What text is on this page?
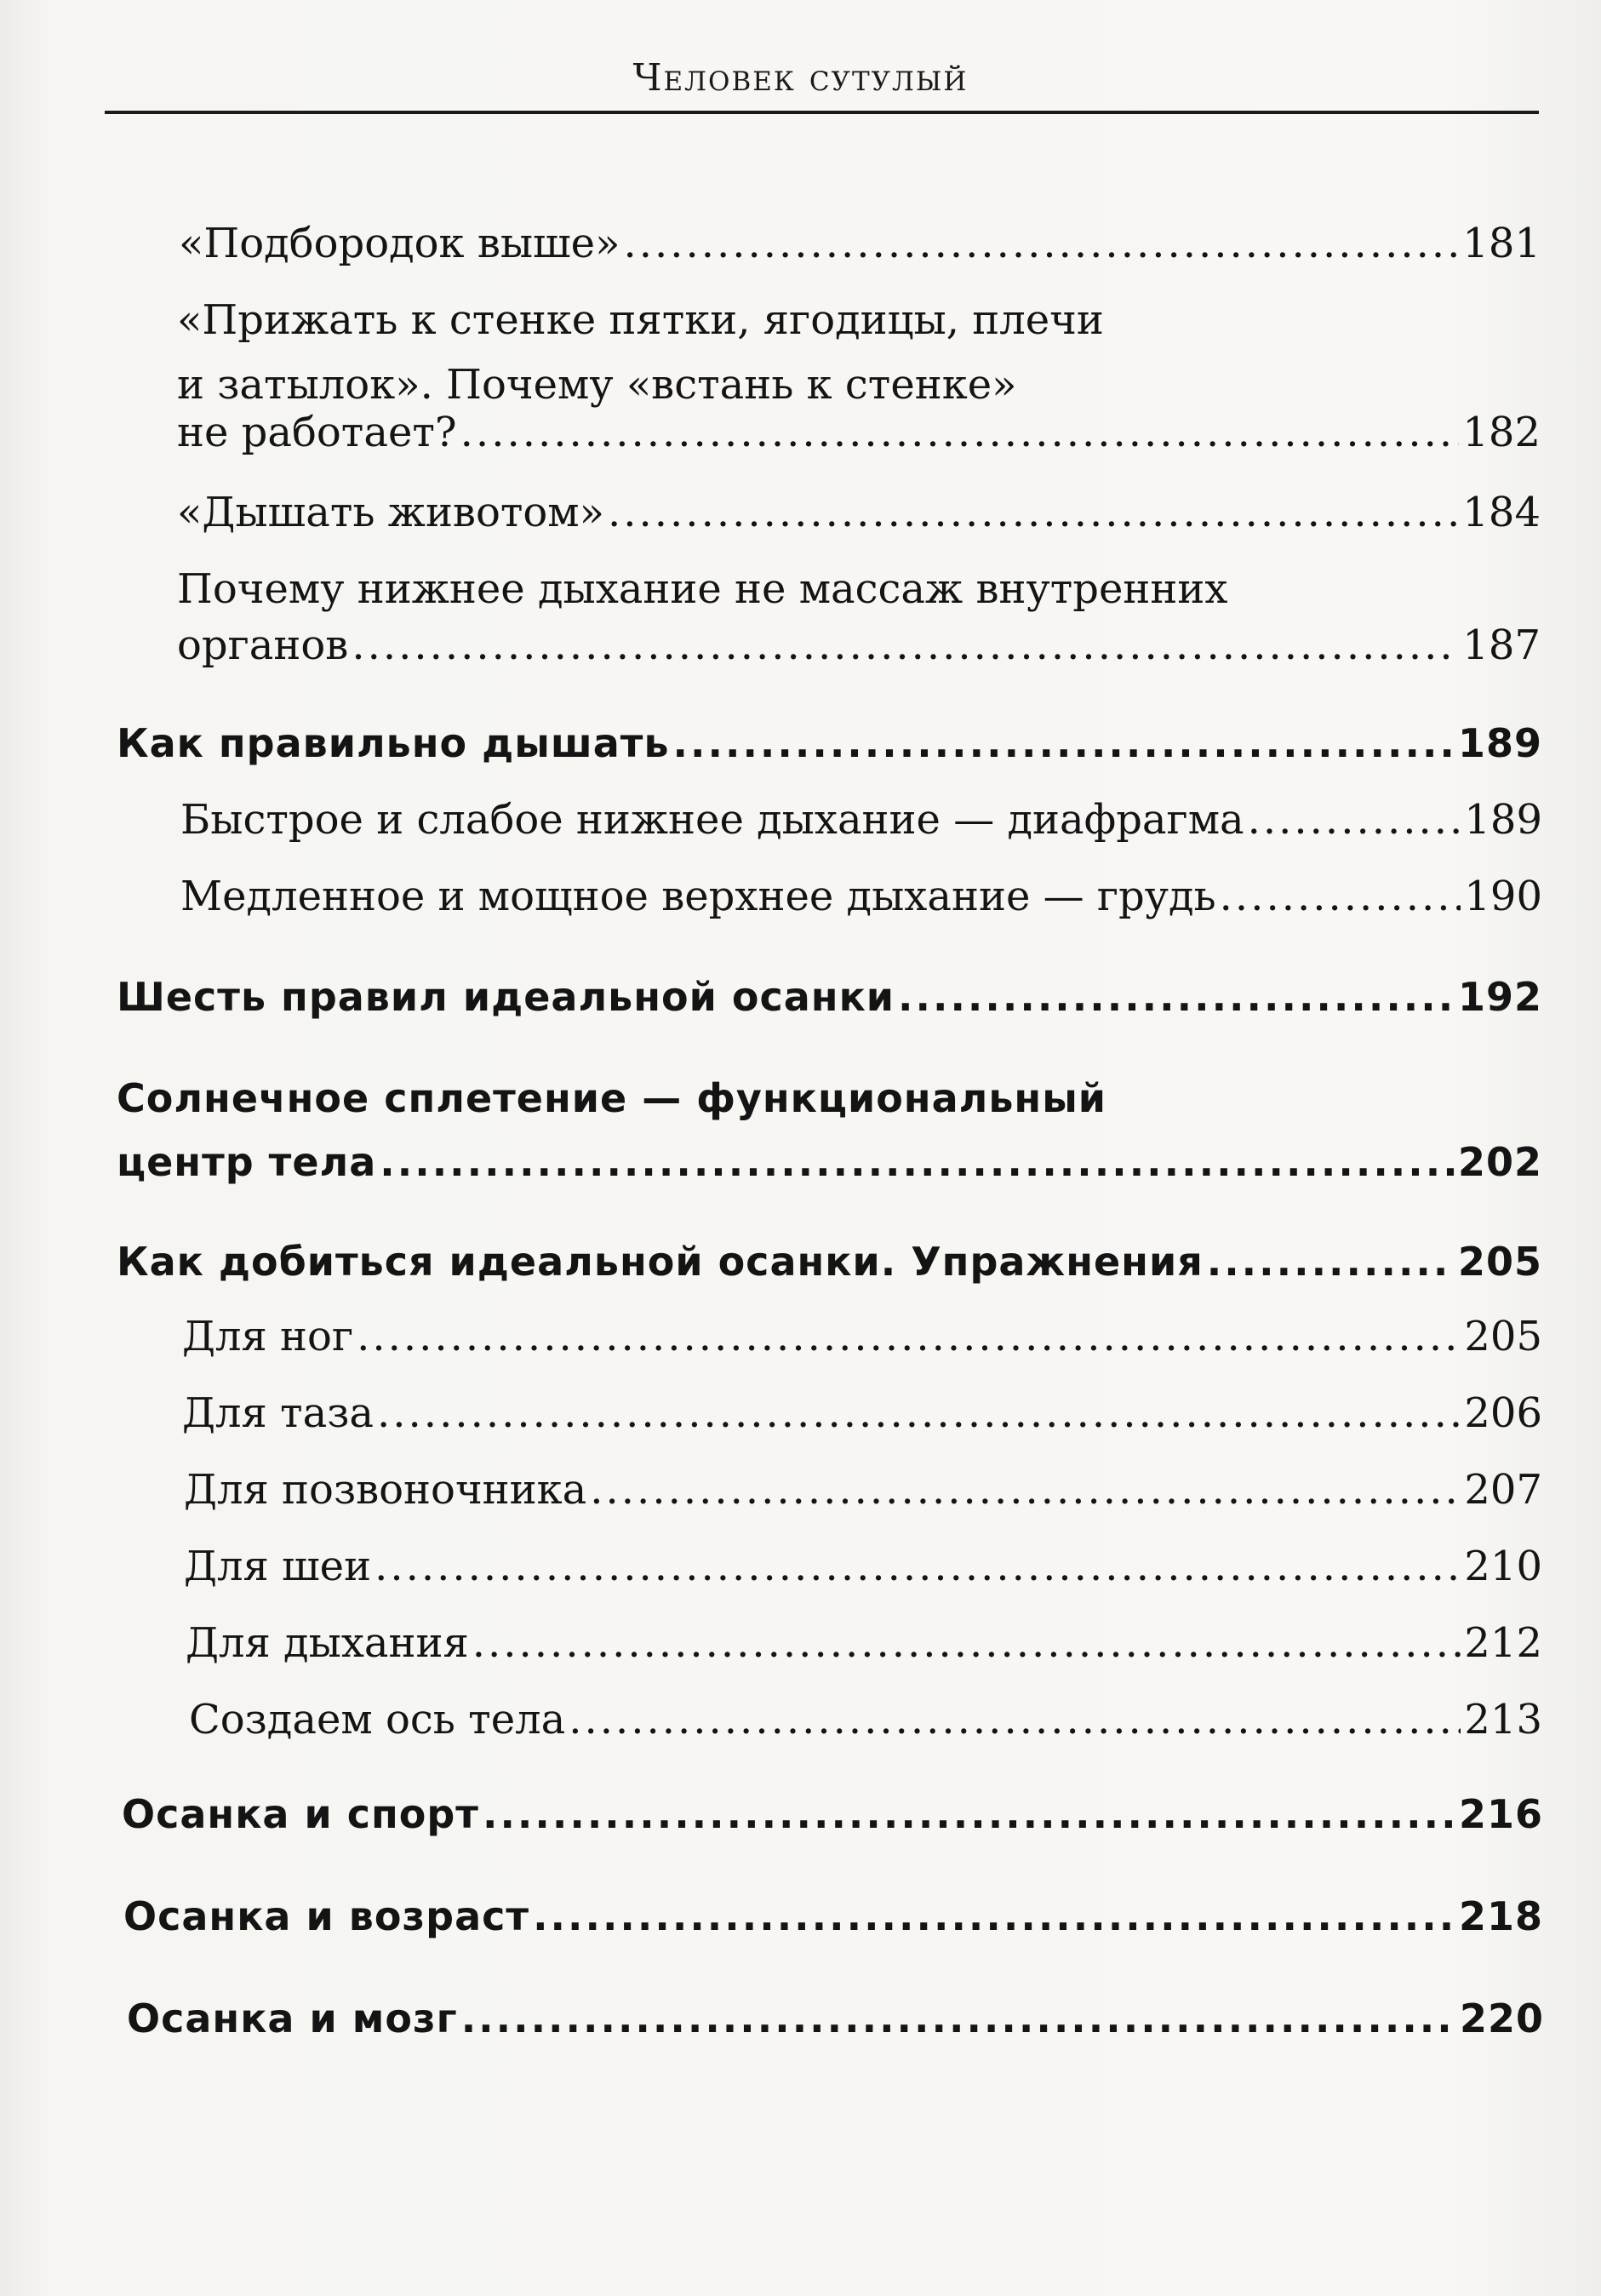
Человек сутулый
«Подбородок выше» .....	181
«Прижать к стенке пятки, ягодицы, плечи
и затылок». Почему «встань к стенке»
не работает? .....	182
«Дышать животом» .....	184
Почему нижнее дыхание не массаж внутренних
органов .....	187
Как правильно дышать .....	189
Быстрое и слабое нижнее дыхание — диафрагма .....	189
Медленное и мощное верхнее дыхание — грудь .....	190
Шесть правил идеальной осанки .....	192
Солнечное сплетение — функциональный
центр тела .....	202
Как добиться идеальной осанки. Упражнения .....	205
Для ног .....	205
Для таза .....	206
Для позвоночника .....	207
Для шеи .....	210
Для дыхания .....	212
Создаем ось тела .....	213
Осанка и спорт .....	216
Осанка и возраст .....	218
Осанка и мозг .....	220
